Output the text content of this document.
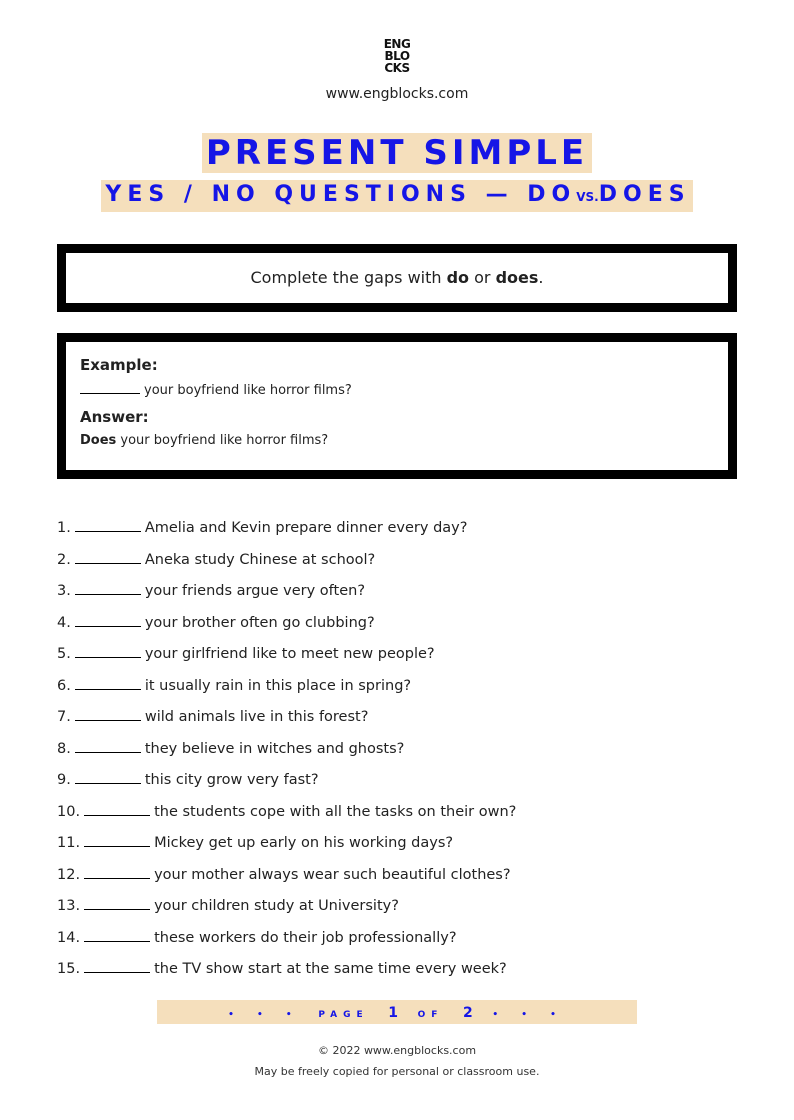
ENG
BLO
CKS
www.engblocks.com
PRESENT SIMPLE
YES / NO QUESTIONS — DOVS.DOES
Complete the gaps with do or does.
Example:
your boyfriend like horror films?
Answer:
Does your boyfriend like horror films?
1.	Amelia and Kevin prepare dinner every day?
2.	Aneka study Chinese at school?
3.	your friends argue very often?
4.	your brother often go clubbing?
5.	your girlfriend like to meet new people?
6.	it usually rain in this place in spring?
7.	wild animals live in this forest?
8.	they believe in witches and ghosts?
9.	this city grow very fast?
10.	the students cope with all the tasks on their own?
11.	Mickey get up early on his working days?
12.	your mother always wear such beautiful clothes?
13.	your children study at University?
14.	these workers do their job professionally?
15.	the TV show start at the same time every week?
• • • PAGE 1 OF 2 • • •
© 2022 www.engblocks.com
May be freely copied for personal or classroom use.
